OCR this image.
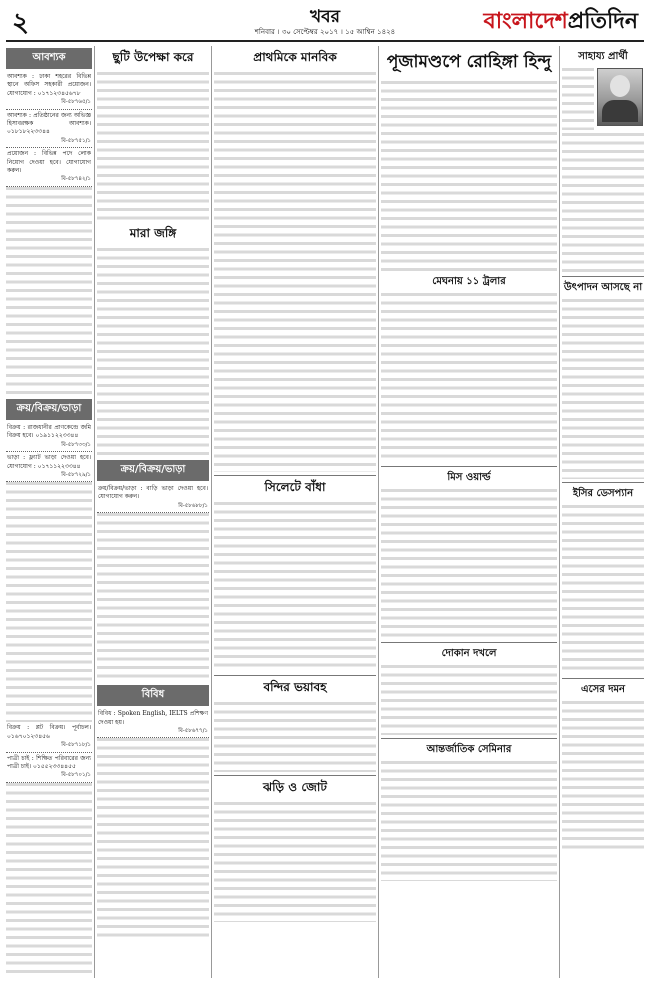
২	খবর
শনিবার । ৩০ সেপ্টেম্বর ২০১৭ । ১৫ আশ্বিন ১৪২৪	বাংলাদেশপ্রতিদিন
আবশ্যক
আবশ্যক : ঢাকা শহরের বিভিন্ন স্থানে অফিস সহকারী প্রয়োজন। যোগাযোগ : ০১৭১২৩৪৫৬৭৮
বি-৫৮৭৬৫/১
আবশ্যক : প্রতিষ্ঠানের জন্য অভিজ্ঞ হিসাবরক্ষক আবশ্যক। ০১৮১৮২২৩৩৪৪
বি-৫৮৭৫১/১
প্রয়োজন : বিভিন্ন পদে লোক নিয়োগ দেওয়া হবে। যোগাযোগ করুন।
বি-৫৮৭৪২/১
ক্রয়/বিক্রয়/ভাড়া
বিক্রয় : রাজধানীর প্রাণকেন্দ্রে জমি বিক্রয় হবে। ০১৯১১২২৩৩৪৪
বি-৫৮৭৩৩/১
ভাড়া : ফ্ল্যাট ভাড়া দেওয়া হবে। যোগাযোগ : ০১৭১১২২৩৩৪৪
বি-৫৮৭২৯/১
বিক্রয় : প্লট বিক্রয়। পূর্বাচল। ০১৬৭০১২৩৪৫৬
বি-৫৮৭১৮/১
পাত্রী চাই : শিক্ষিত পরিবারের জন্য পাত্রী চাই। ০১৫৫২৩৩৪৪৫৫
বি-৫৮৭০১/১
ছুটি উপেক্ষা করে
মারা জঙ্গি
ক্রয়/বিক্রয়/ভাড়া
ক্রয়/বিক্রয়/ভাড়া : বাড়ি ভাড়া দেওয়া হবে। যোগাযোগ করুন।
বি-৫৮৬৮৮/১
বিবিধ
বিবিধ : Spoken English, IELTS প্রশিক্ষণ দেওয়া হয়।
বি-৫৮৬৭৭/১
প্রাথমিকে মানবিক
সিলেটে বাঁধা
বন্দির ভয়াবহ
ঝড়ি ও জোট
পূজামণ্ডপে রোহিঙ্গা হিন্দু
মেঘনায় ১১ ট্রলার
মিস ওয়ার্ল্ড
দোকান দখলে
আন্তর্জাতিক সেমিনার
সাহায্য প্রার্থী
উৎপাদন আসছে না
ইসির ডেসপ্যান
এসের দমন
